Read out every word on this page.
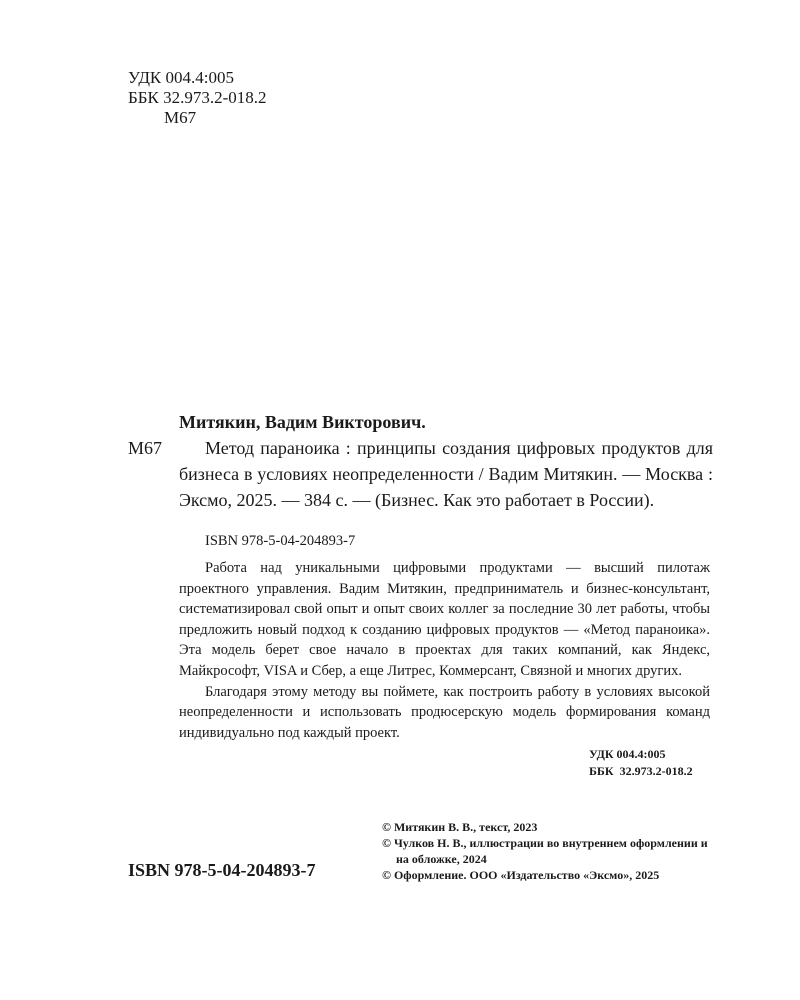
УДК 004.4:005
ББК 32.973.2-018.2
М67
Митякин, Вадим Викторович.
М67	Метод параноика : принципы создания цифровых продуктов для бизнеса в условиях неопределенности / Вадим Митякин. — Москва : Эксмо, 2025. — 384 с. — (Бизнес. Как это работает в России).
ISBN 978-5-04-204893-7

Работа над уникальными цифровыми продуктами — высший пилотаж проектного управления. Вадим Митякин, предприниматель и бизнес-консультант, систематизировал свой опыт и опыт своих коллег за последние 30 лет работы, чтобы предложить новый подход к созданию цифровых продуктов — «Метод параноика». Эта модель берет свое начало в проектах для таких компаний, как Яндекс, Майкрософт, VISA и Сбер, а еще Литрес, Коммерсант, Связной и многих других.

Благодаря этому методу вы поймете, как построить работу в условиях высокой неопределенности и использовать продюсерскую модель формирования команд индивидуально под каждый проект.

УДК 004.4:005
ББК  32.973.2-018.2
ISBN 978-5-04-204893-7
© Митякин В. В., текст, 2023
© Чулков Н. В., иллюстрации во внутреннем оформлении и на обложке, 2024
© Оформление. ООО «Издательство «Эксмо», 2025
